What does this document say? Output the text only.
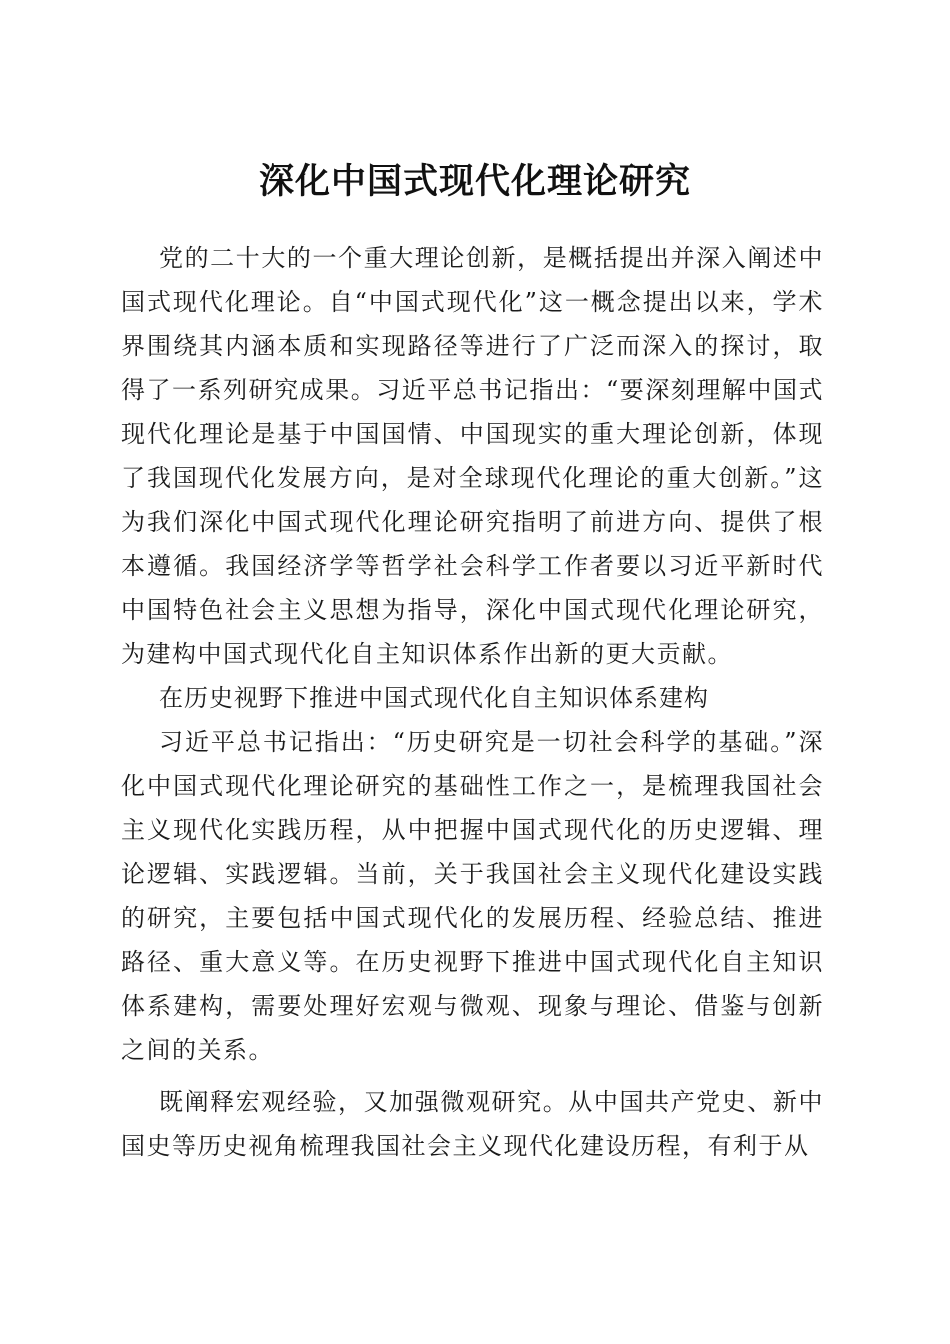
深化中国式现代化理论研究

党的二十大的一个重大理论创新，是概括提出并深入阐述中国式现代化理论。自“中国式现代化”这一概念提出以来，学术界围绕其内涵本质和实现路径等进行了广泛而深入的探讨，取得了一系列研究成果。习近平总书记指出：“要深刻理解中国式现代化理论是基于中国国情、中国现实的重大理论创新，体现了我国现代化发展方向，是对全球现代化理论的重大创新。”这为我们深化中国式现代化理论研究指明了前进方向、提供了根本遵循。我国经济学等哲学社会科学工作者要以习近平新时代中国特色社会主义思想为指导，深化中国式现代化理论研究，为建构中国式现代化自主知识体系作出新的更大贡献。

在历史视野下推进中国式现代化自主知识体系建构

习近平总书记指出：“历史研究是一切社会科学的基础。”深化中国式现代化理论研究的基础性工作之一，是梳理我国社会主义现代化实践历程，从中把握中国式现代化的历史逻辑、理论逻辑、实践逻辑。当前，关于我国社会主义现代化建设实践的研究，主要包括中国式现代化的发展历程、经验总结、推进路径、重大意义等。在历史视野下推进中国式现代化自主知识体系建构，需要处理好宏观与微观、现象与理论、借鉴与创新之间的关系。

既阐释宏观经验，又加强微观研究。从中国共产党史、新中国史等历史视角梳理我国社会主义现代化建设历程，有利于从
